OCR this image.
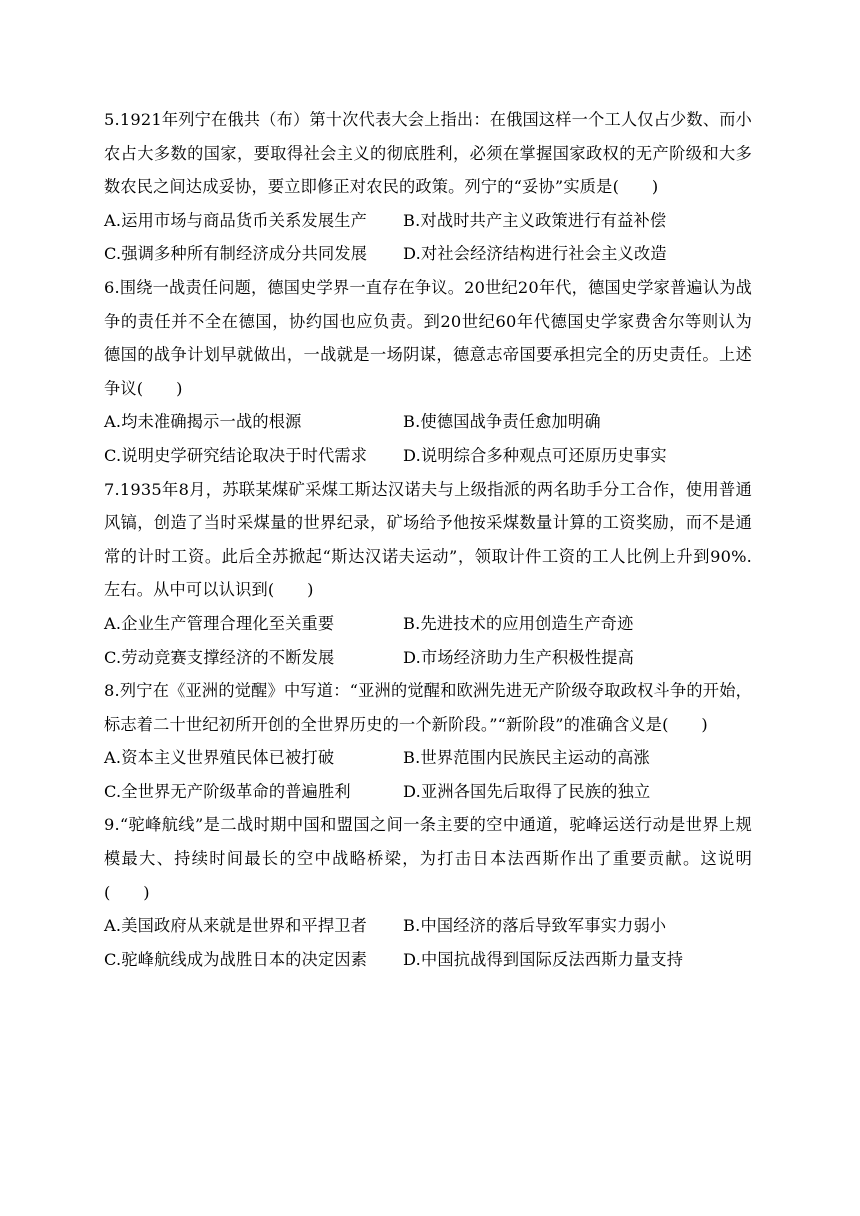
5.1921年列宁在俄共（布）第十次代表大会上指出：在俄国这样一个工人仅占少数、而小农占大多数的国家，要取得社会主义的彻底胜利，必须在掌握国家政权的无产阶级和大多数农民之间达成妥协，要立即修正对农民的政策。列宁的“妥协”实质是(　　)

A.运用市场与商品货币关系发展生产	B.对战时共产主义政策进行有益补偿
C.强调多种所有制经济成分共同发展	D.对社会经济结构进行社会主义改造

6.围绕一战责任问题，德国史学界一直存在争议。20世纪20年代，德国史学家普遍认为战争的责任并不全在德国，协约国也应负责。到20世纪60年代德国史学家费舍尔等则认为德国的战争计划早就做出，一战就是一场阴谋，德意志帝国要承担完全的历史责任。上述争议(　　)

A.均未准确揭示一战的根源	B.使德国战争责任愈加明确
C.说明史学研究结论取决于时代需求	D.说明综合多种观点可还原历史事实

7.1935年8月，苏联某煤矿采煤工斯达汉诺夫与上级指派的两名助手分工合作，使用普通风镐，创造了当时采煤量的世界纪录，矿场给予他按采煤数量计算的工资奖励，而不是通常的计时工资。此后全苏掀起“斯达汉诺夫运动”，领取计件工资的工人比例上升到90%.左右。从中可以认识到(　　)

A.企业生产管理合理化至关重要	B.先进技术的应用创造生产奇迹
C.劳动竞赛支撑经济的不断发展	D.市场经济助力生产积极性提高

8.列宁在《亚洲的觉醒》中写道：“亚洲的觉醒和欧洲先进无产阶级夺取政权斗争的开始，标志着二十世纪初所开创的全世界历史的一个新阶段。”“新阶段”的准确含义是(　　)

A.资本主义世界殖民体已被打破	B.世界范围内民族民主运动的高涨
C.全世界无产阶级革命的普遍胜利	D.亚洲各国先后取得了民族的独立

9.“驼峰航线”是二战时期中国和盟国之间一条主要的空中通道，驼峰运送行动是世界上规模最大、持续时间最长的空中战略桥梁，为打击日本法西斯作出了重要贡献。这说明(　　)

A.美国政府从来就是世界和平捍卫者	B.中国经济的落后导致军事实力弱小
C.驼峰航线成为战胜日本的决定因素	D.中国抗战得到国际反法西斯力量支持
